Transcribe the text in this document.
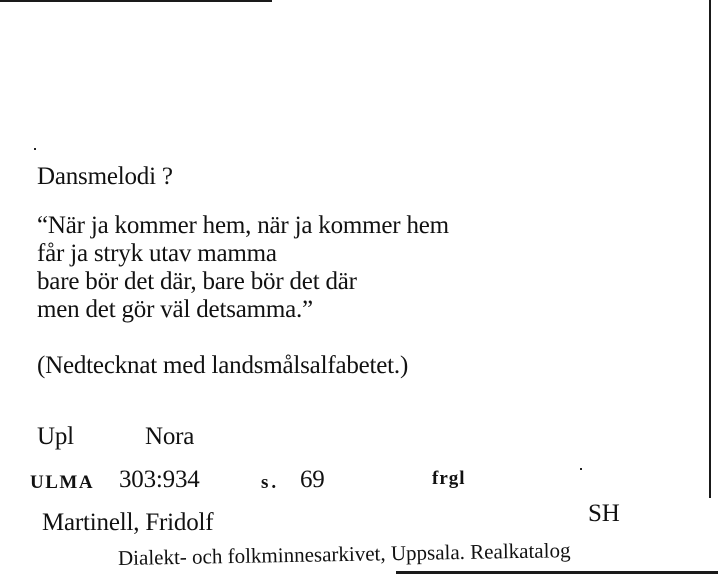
Dansmelodi ?
“När ja kommer hem, när ja kommer hem
får ja stryk utav mamma
bare bör det där, bare bör det där
men det gör väl detsamma.”
(Nedtecknat med landsmålsalfabetet.)
Upl	Nora
ULMA 303:934	s. 69	frgl
Martinell, Fridolf	SH
Dialekt- och folkminnesarkivet, Uppsala. Realkatalog
